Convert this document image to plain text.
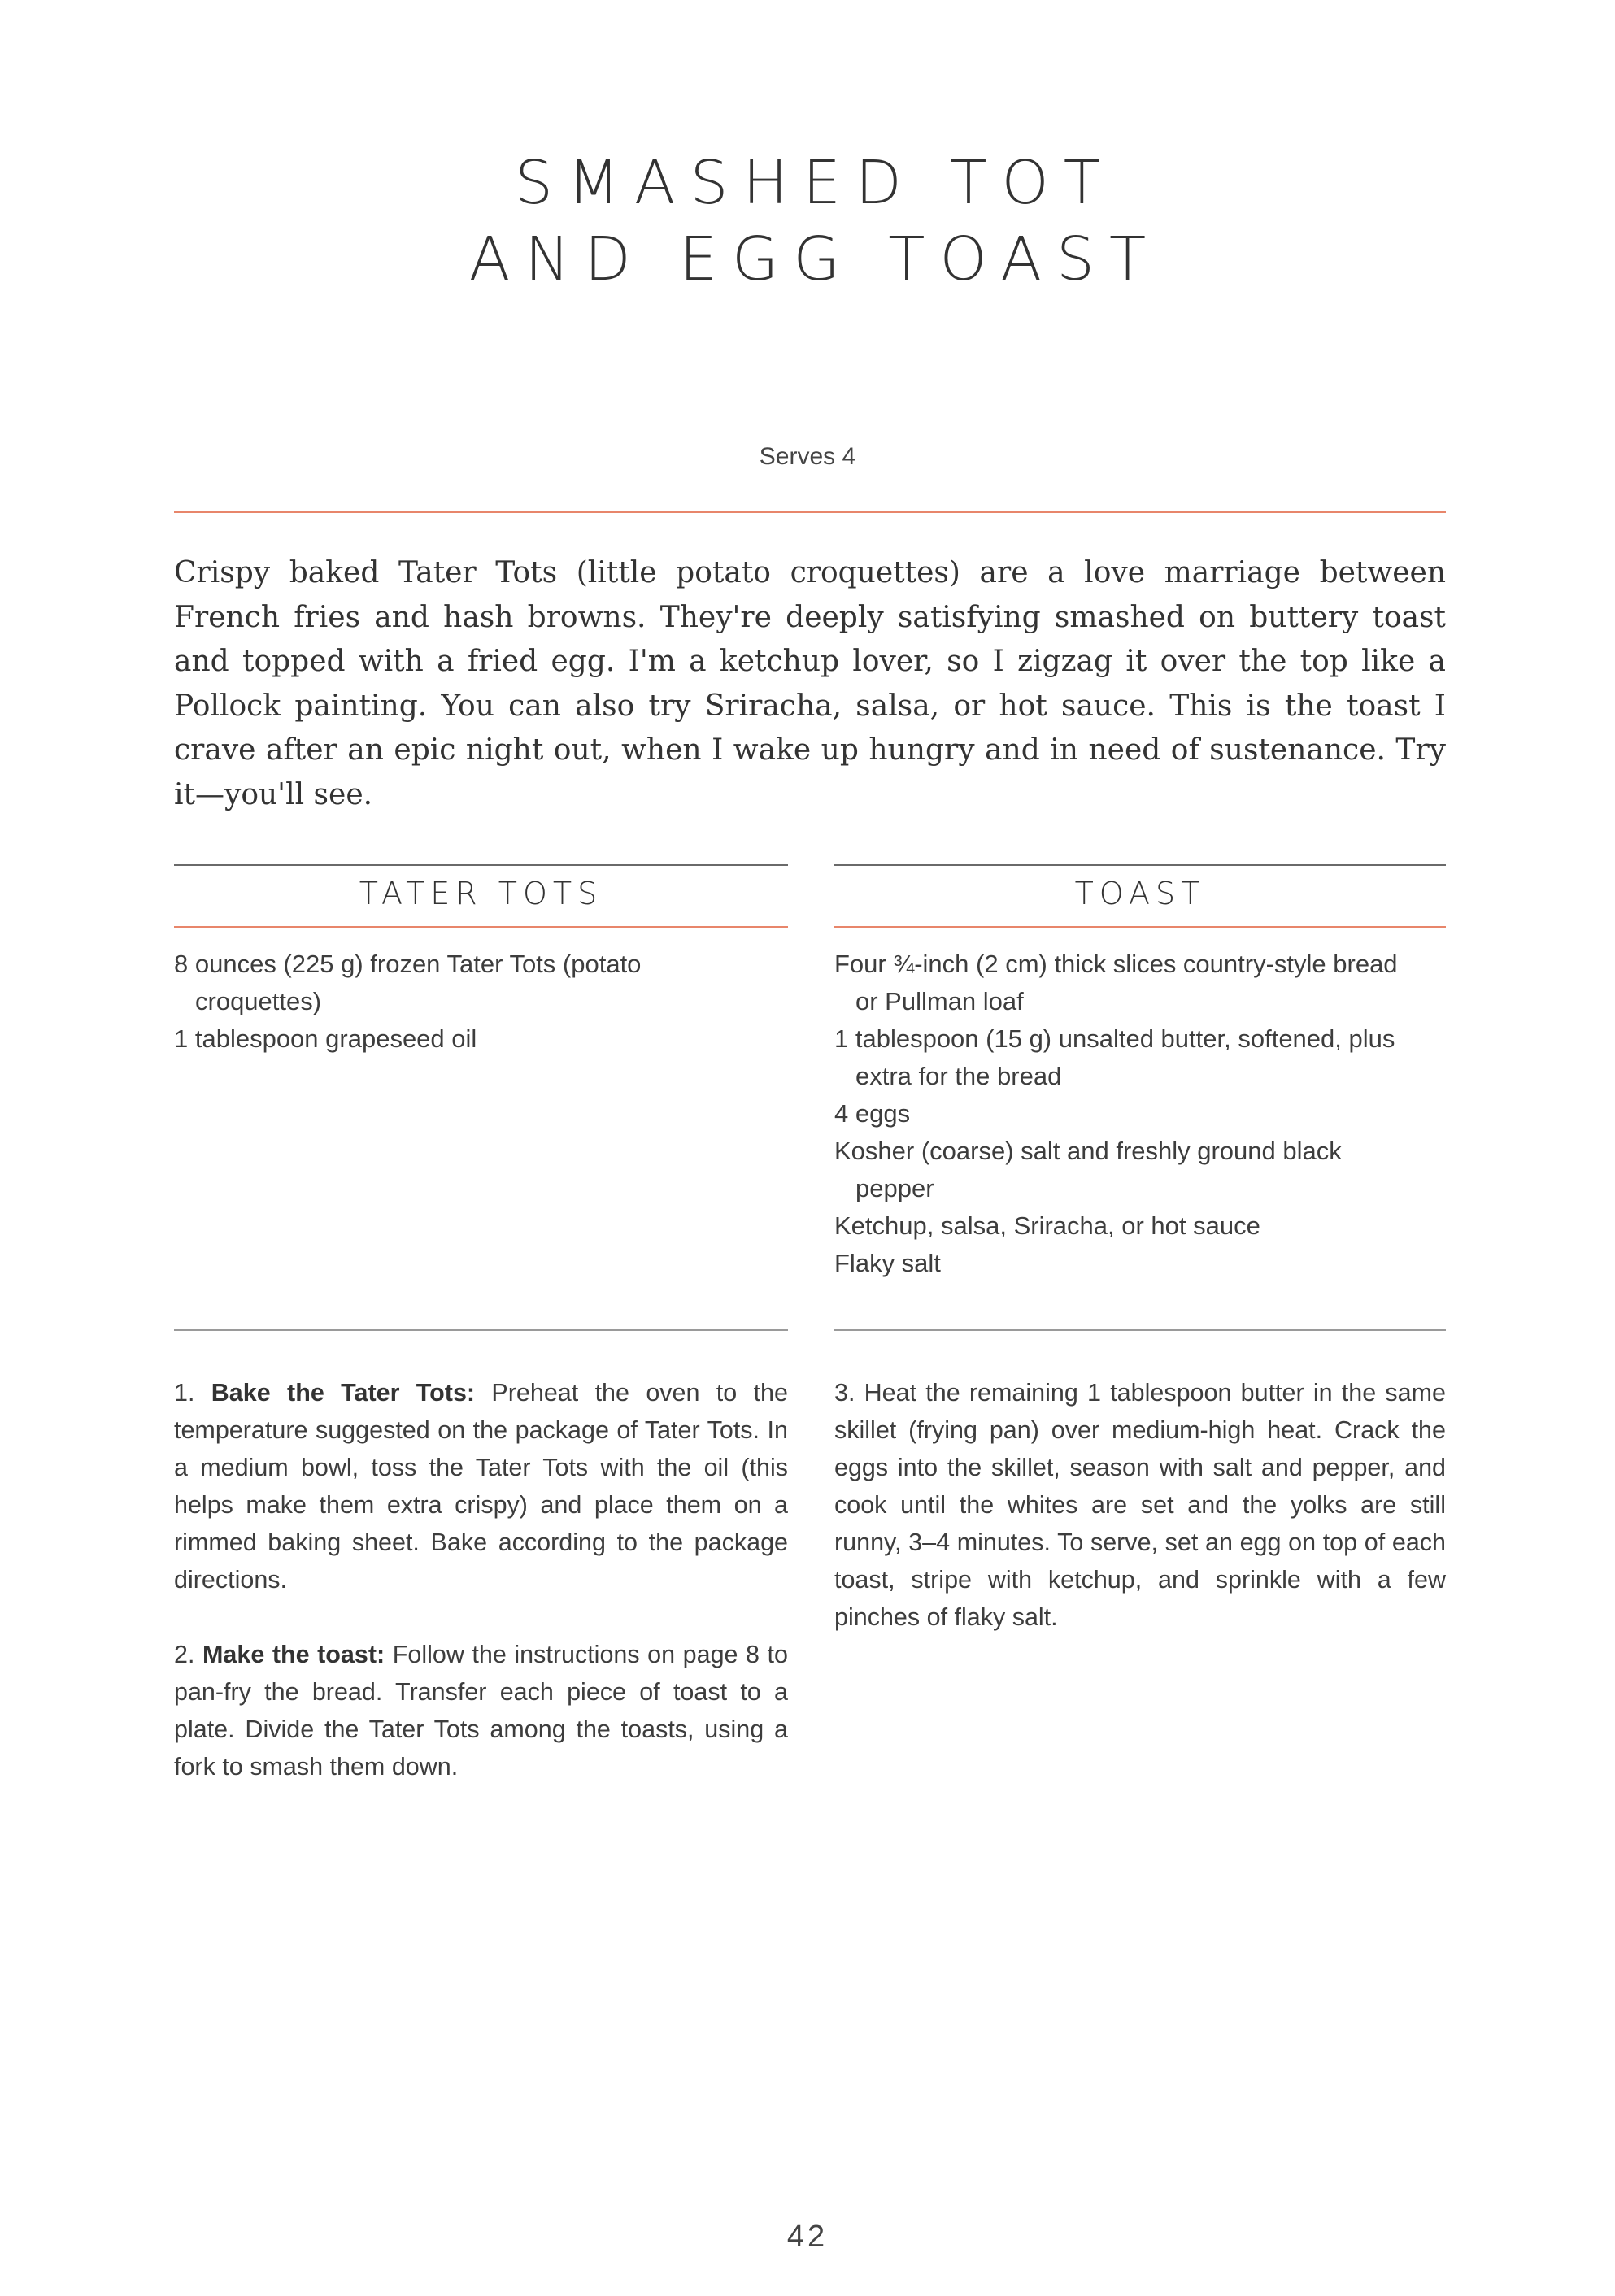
SMASHED TOT
AND EGG TOAST
Serves 4
Crispy baked Tater Tots (little potato croquettes) are a love marriage between French fries and hash browns. They're deeply satisfying smashed on buttery toast and topped with a fried egg. I'm a ketchup lover, so I zigzag it over the top like a Pollock painting. You can also try Sriracha, salsa, or hot sauce. This is the toast I crave after an epic night out, when I wake up hungry and in need of sustenance. Try it—you'll see.
TATER TOTS	TOAST
8 ounces (225 g) frozen Tater Tots (potato croquettes)
1 tablespoon grapeseed oil
Four ¾-inch (2 cm) thick slices country-style bread or Pullman loaf
1 tablespoon (15 g) unsalted butter, softened, plus extra for the bread
4 eggs
Kosher (coarse) salt and freshly ground black pepper
Ketchup, salsa, Sriracha, or hot sauce
Flaky salt

1. Bake the Tater Tots: Preheat the oven to the temperature suggested on the package of Tater Tots. In a medium bowl, toss the Tater Tots with the oil (this helps make them extra crispy) and place them on a rimmed baking sheet. Bake according to the package directions.

2. Make the toast: Follow the instructions on page 8 to pan-fry the bread. Transfer each piece of toast to a plate. Divide the Tater Tots among the toasts, using a fork to smash them down.

3. Heat the remaining 1 tablespoon butter in the same skillet (frying pan) over medium-high heat. Crack the eggs into the skillet, season with salt and pepper, and cook until the whites are set and the yolks are still runny, 3–4 minutes. To serve, set an egg on top of each toast, stripe with ketchup, and sprinkle with a few pinches of flaky salt.

42
